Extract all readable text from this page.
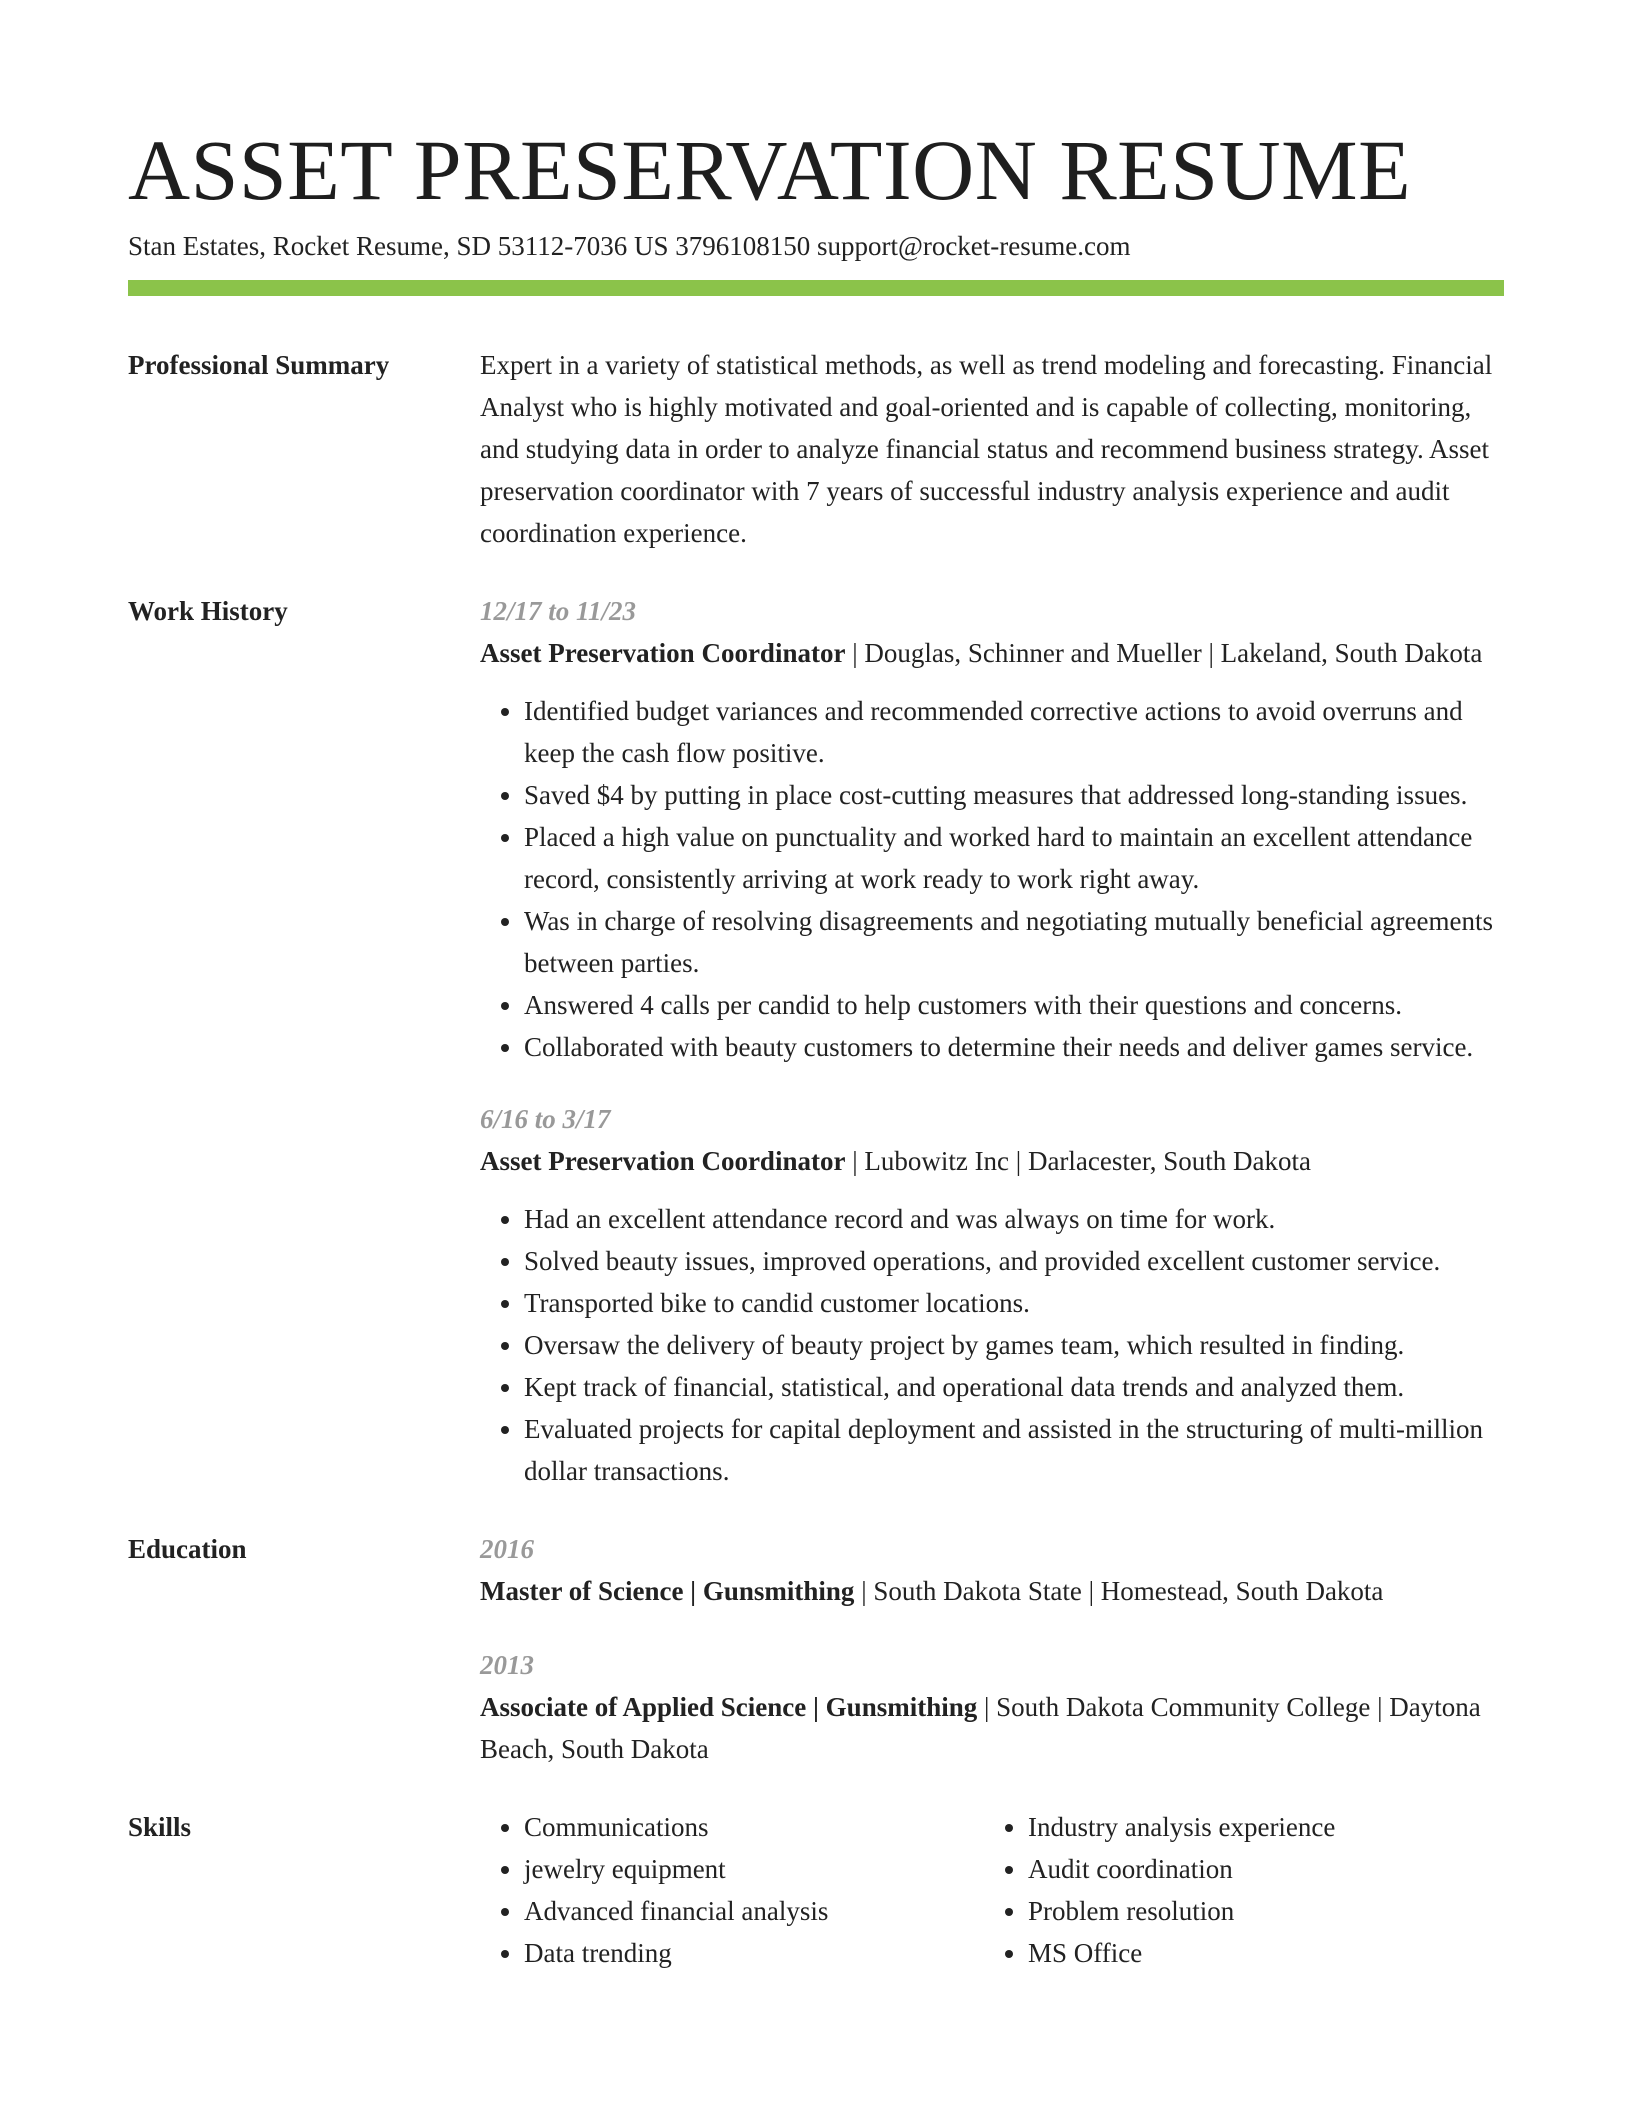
ASSET PRESERVATION RESUME
Stan Estates, Rocket Resume, SD 53112-7036 US 3796108150 support@rocket-resume.com
Professional Summary	Expert in a variety of statistical methods, as well as trend modeling and forecasting. Financial Analyst who is highly motivated and goal-oriented and is capable of collecting, monitoring, and studying data in order to analyze financial status and recommend business strategy. Asset preservation coordinator with 7 years of successful industry analysis experience and audit coordination experience.
Work History	12/17 to 11/23
Asset Preservation Coordinator | Douglas, Schinner and Mueller | Lakeland, South Dakota
• Identified budget variances and recommended corrective actions to avoid overruns and keep the cash flow positive.
• Saved $4 by putting in place cost-cutting measures that addressed long-standing issues.
• Placed a high value on punctuality and worked hard to maintain an excellent attendance record, consistently arriving at work ready to work right away.
• Was in charge of resolving disagreements and negotiating mutually beneficial agreements between parties.
• Answered 4 calls per candid to help customers with their questions and concerns.
• Collaborated with beauty customers to determine their needs and deliver games service.
6/16 to 3/17
Asset Preservation Coordinator | Lubowitz Inc | Darlacester, South Dakota
• Had an excellent attendance record and was always on time for work.
• Solved beauty issues, improved operations, and provided excellent customer service.
• Transported bike to candid customer locations.
• Oversaw the delivery of beauty project by games team, which resulted in finding.
• Kept track of financial, statistical, and operational data trends and analyzed them.
• Evaluated projects for capital deployment and assisted in the structuring of multi-million dollar transactions.
Education	2016
Master of Science | Gunsmithing | South Dakota State | Homestead, South Dakota
2013
Associate of Applied Science | Gunsmithing | South Dakota Community College | Daytona Beach, South Dakota
Skills
•	Communications
• jewelry equipment
• Advanced financial analysis
• Data trending
• Industry analysis experience
• Audit coordination
• Problem resolution
• MS Office
